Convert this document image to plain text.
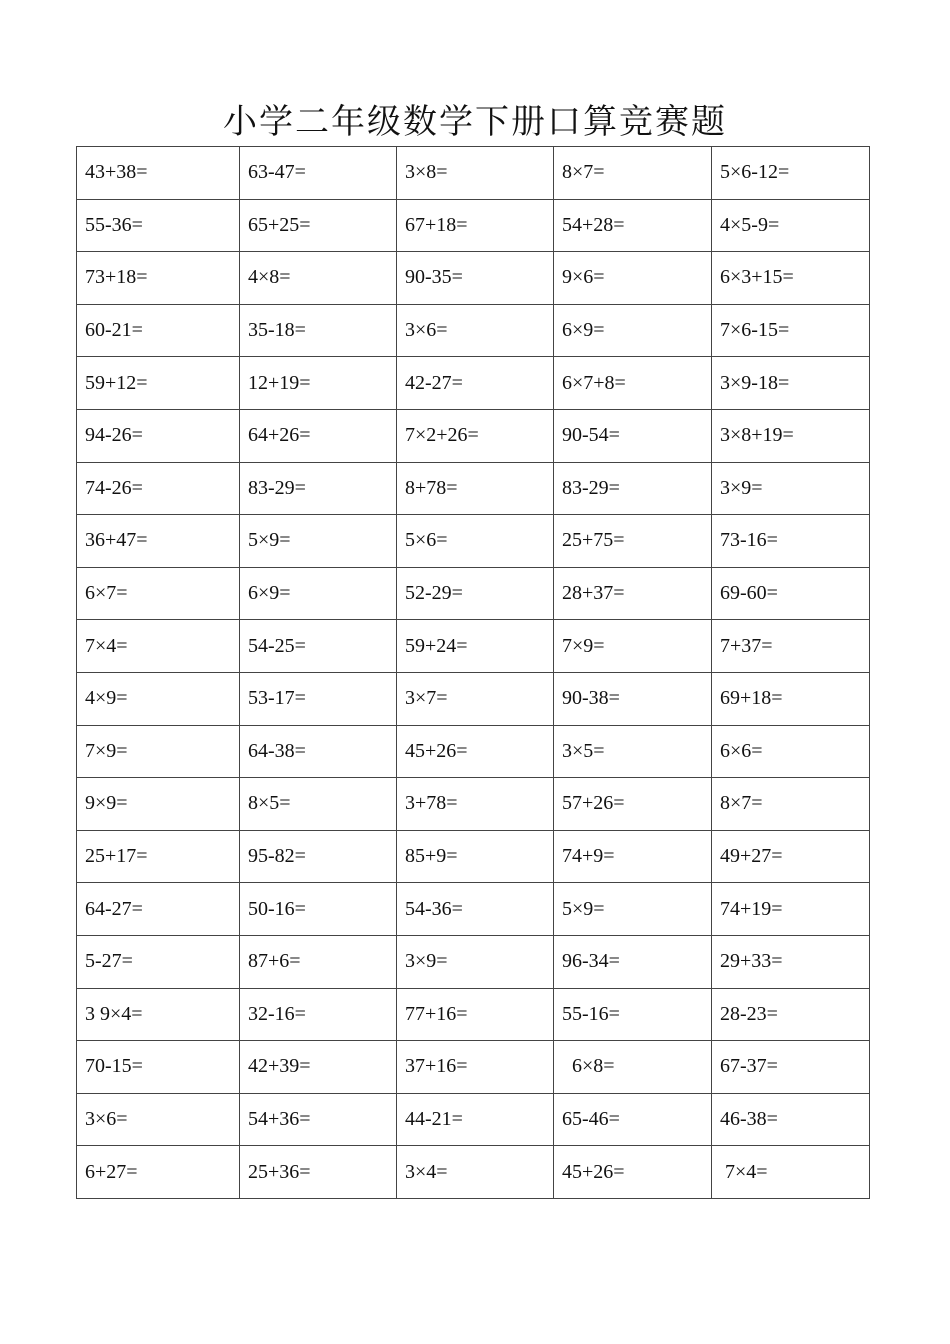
小学二年级数学下册口算竞赛题
43+38=	63-47=	3×8=	8×7=	5×6-12=
55-36=	65+25=	67+18=	54+28=	4×5-9=
73+18=	4×8=	90-35=	9×6=	6×3+15=
60-21=	35-18=	3×6=	6×9=	7×6-15=
59+12=	12+19=	42-27=	6×7+8=	3×9-18=
94-26=	64+26=	7×2+26=	90-54=	3×8+19=
74-26=	83-29=	8+78=	83-29=	3×9=
36+47=	5×9=	5×6=	25+75=	73-16=
6×7=	6×9=	52-29=	28+37=	69-60=
7×4=	54-25=	59+24=	7×9=	7+37=
4×9=	53-17=	3×7=	90-38=	69+18=
7×9=	64-38=	45+26=	3×5=	6×6=
9×9=	8×5=	3+78=	57+26=	8×7=
25+17=	95-82=	85+9=	74+9=	49+27=
64-27=	50-16=	54-36=	5×9=	74+19=
5-27=	87+6=	3×9=	96-34=	29+33=
3 9×4=	32-16=	77+16=	55-16=	28-23=
70-15=	42+39=	37+16=	6×8=	67-37=
3×6=	54+36=	44-21=	65-46=	46-38=
6+27=	25+36=	3×4=	45+26=	7×4=
